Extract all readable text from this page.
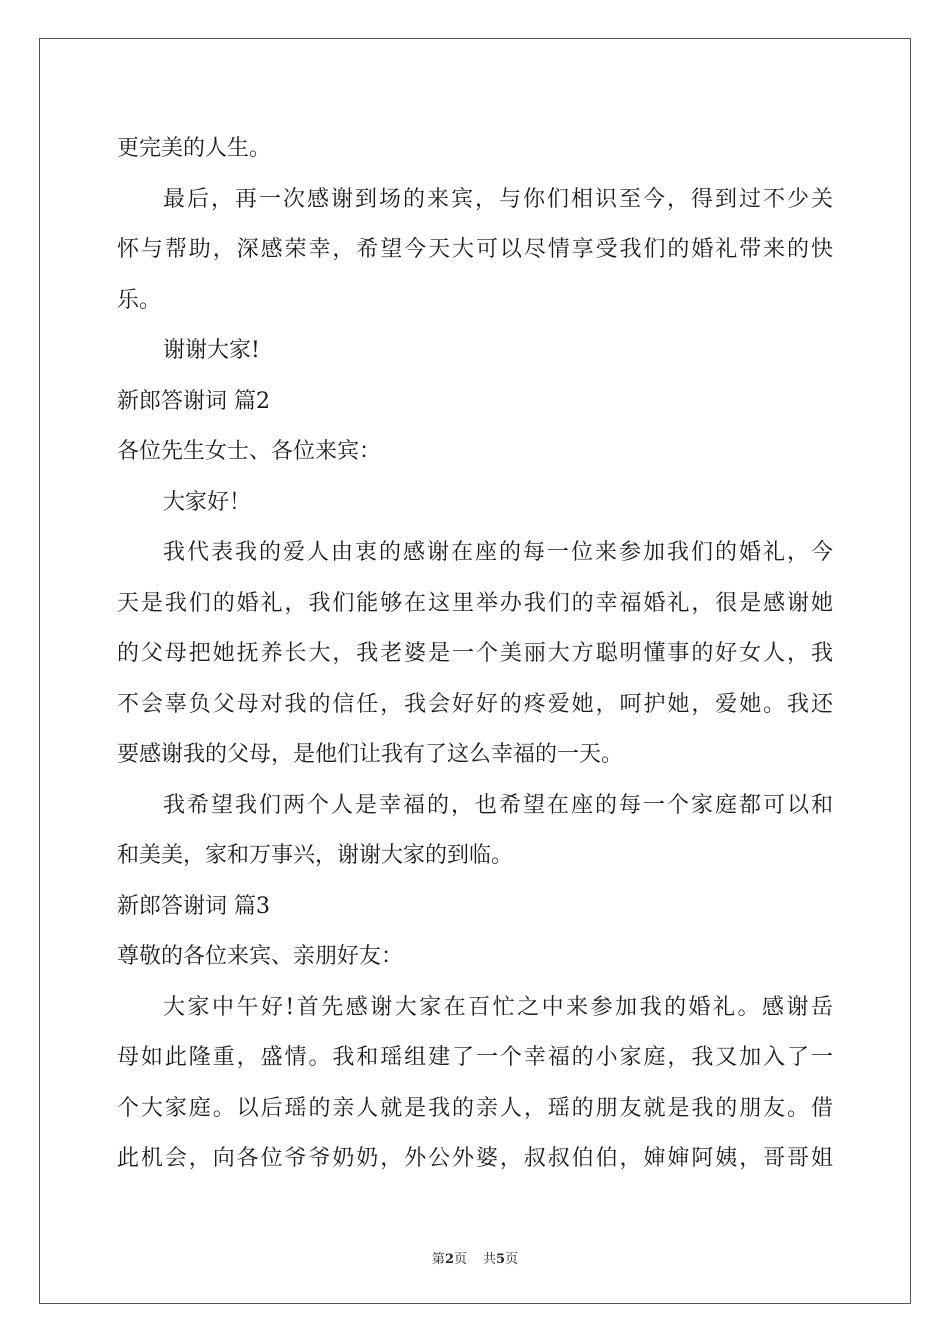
更完美的人生。
最后，再一次感谢到场的来宾，与你们相识至今，得到过不少关
怀与帮助，深感荣幸，希望今天大可以尽情享受我们的婚礼带来的快
乐。
谢谢大家!
新郎答谢词 篇2
各位先生女士、各位来宾：
大家好！
我代表我的爱人由衷的感谢在座的每一位来参加我们的婚礼，今
天是我们的婚礼，我们能够在这里举办我们的幸福婚礼，很是感谢她
的父母把她抚养长大，我老婆是一个美丽大方聪明懂事的好女人，我
不会辜负父母对我的信任，我会好好的疼爱她，呵护她，爱她。我还
要感谢我的父母，是他们让我有了这么幸福的一天。
我希望我们两个人是幸福的，也希望在座的每一个家庭都可以和
和美美，家和万事兴，谢谢大家的到临。
新郎答谢词 篇3
尊敬的各位来宾、亲朋好友：
大家中午好!首先感谢大家在百忙之中来参加我的婚礼。感谢岳
母如此隆重，盛情。我和瑶组建了一个幸福的小家庭，我又加入了一
个大家庭。以后瑶的亲人就是我的亲人，瑶的朋友就是我的朋友。借
此机会，向各位爷爷奶奶，外公外婆，叔叔伯伯，婶婶阿姨，哥哥姐
第2页 共5页
